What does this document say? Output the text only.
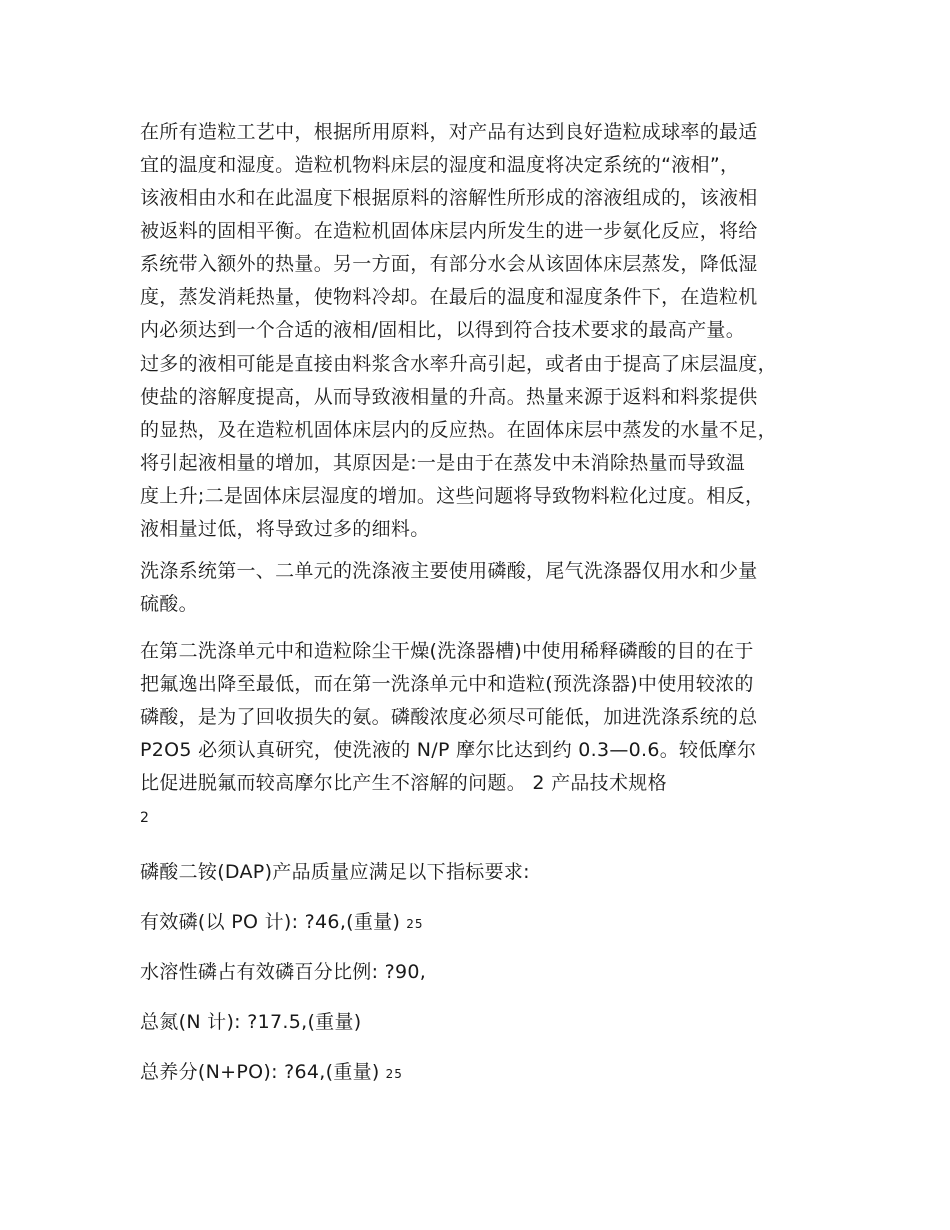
在所有造粒工艺中，根据所用原料，对产品有达到良好造粒成球率的最适
宜的温度和湿度。造粒机物料床层的湿度和温度将决定系统的“液相”，
该液相由水和在此温度下根据原料的溶解性所形成的溶液组成的，该液相
被返料的固相平衡。在造粒机固体床层内所发生的进一步氨化反应，将给
系统带入额外的热量。另一方面，有部分水会从该固体床层蒸发，降低湿
度，蒸发消耗热量，使物料冷却。在最后的温度和湿度条件下，在造粒机
内必须达到一个合适的液相/固相比，以得到符合技术要求的最高产量。

过多的液相可能是直接由料浆含水率升高引起，或者由于提高了床层温度，
使盐的溶解度提高，从而导致液相量的升高。热量来源于返料和料浆提供
的显热，及在造粒机固体床层内的反应热。在固体床层中蒸发的水量不足，
将引起液相量的增加，其原因是:一是由于在蒸发中未消除热量而导致温
度上升;二是固体床层湿度的增加。这些问题将导致物料粒化过度。相反，
液相量过低，将导致过多的细料。

洗涤系统第一、二单元的洗涤液主要使用磷酸，尾气洗涤器仅用水和少量
硫酸。

在第二洗涤单元中和造粒除尘干燥(洗涤器槽)中使用稀释磷酸的目的在于
把氟逸出降至最低，而在第一洗涤单元中和造粒(预洗涤器)中使用较浓的
磷酸，是为了回收损失的氨。磷酸浓度必须尽可能低，加进洗涤系统的总
P2O5 必须认真研究，使洗液的 N/P 摩尔比达到约 0.3—0.6。较低摩尔
比促进脱氟而较高摩尔比产生不溶解的问题。 2 产品技术规格

2

磷酸二铵(DAP)产品质量应满足以下指标要求:

有效磷(以 PO 计): ?46,(重量) 25

水溶性磷占有效磷百分比例: ?90,

总氮(N 计): ?17.5,(重量)

总养分(N+PO): ?64,(重量) 25
